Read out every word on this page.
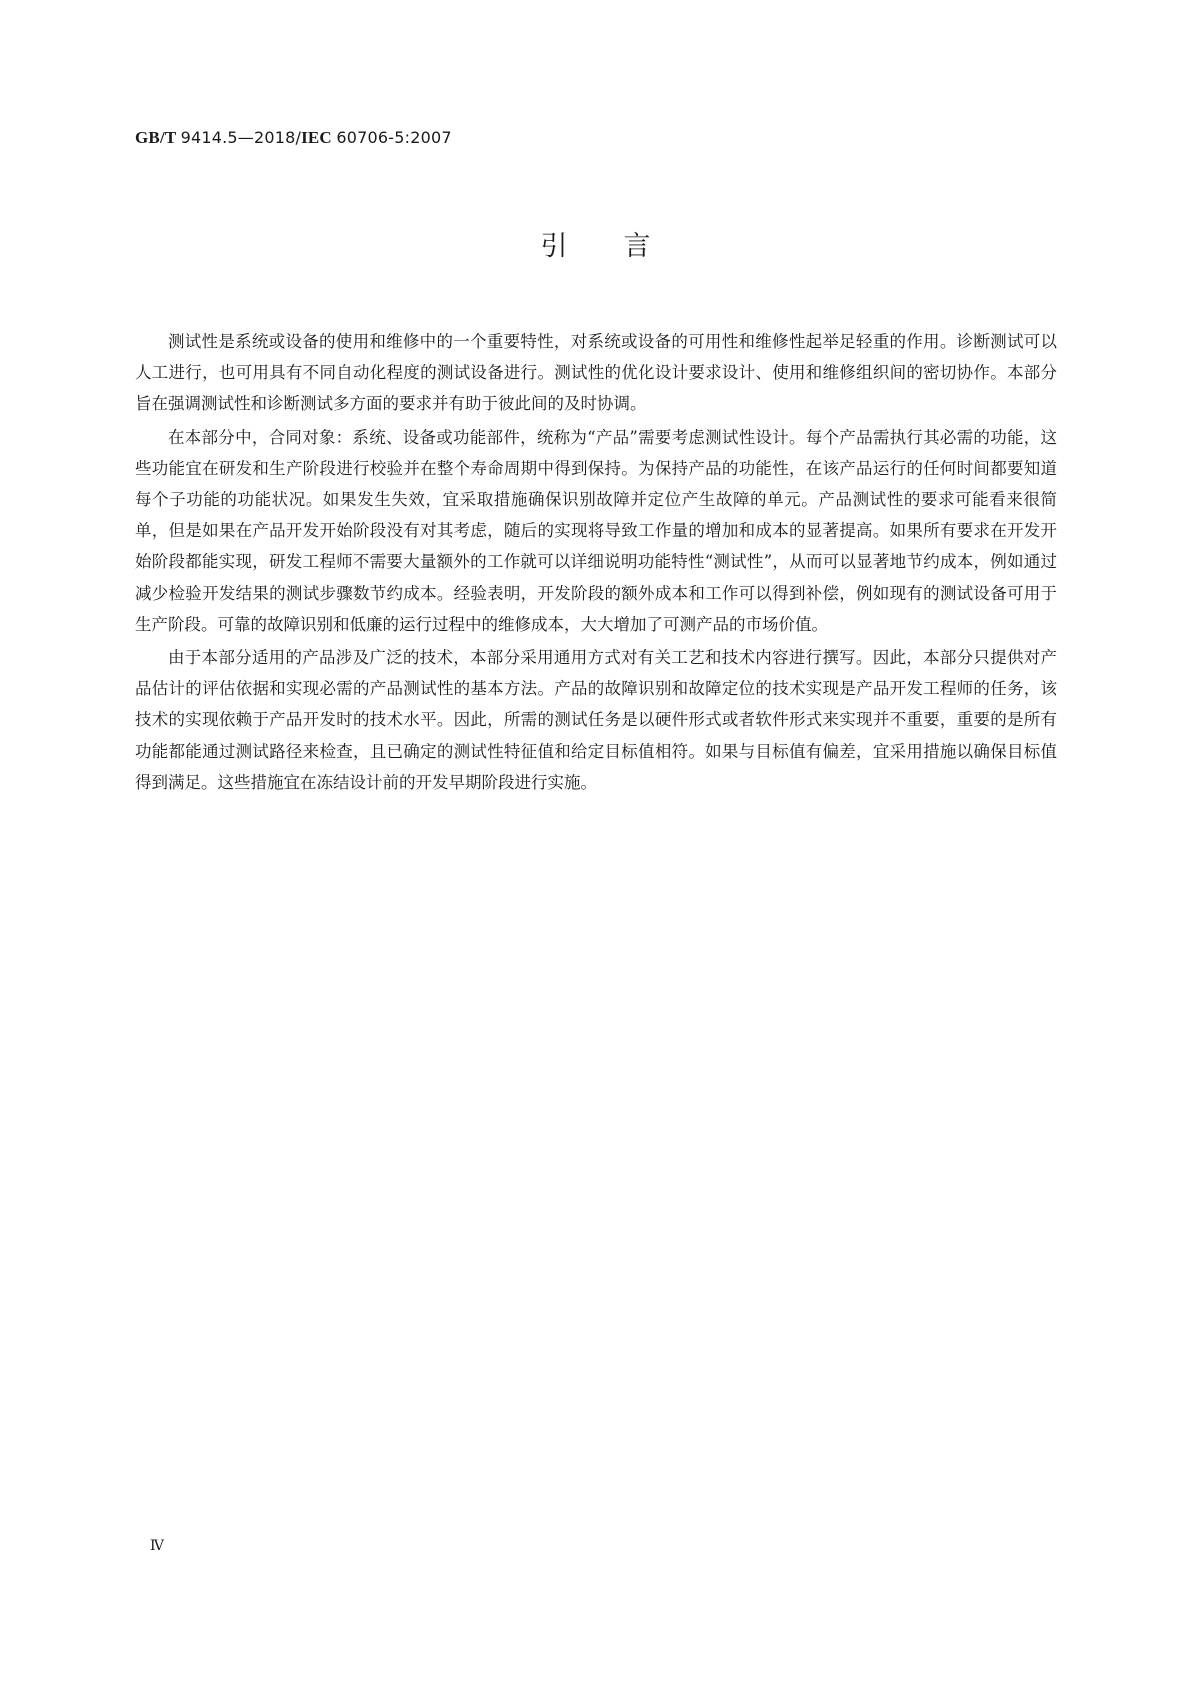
GB/T 9414.5—2018/IEC 60706-5:2007
引 言

测试性是系统或设备的使用和维修中的一个重要特性，对系统或设备的可用性和维修性起举足轻重的作用。诊断测试可以人工进行，也可用具有不同自动化程度的测试设备进行。测试性的优化设计要求设计、使用和维修组织间的密切协作。本部分旨在强调测试性和诊断测试多方面的要求并有助于彼此间的及时协调。

在本部分中，合同对象：系统、设备或功能部件，统称为“产品”需要考虑测试性设计。每个产品需执行其必需的功能，这些功能宜在研发和生产阶段进行校验并在整个寿命周期中得到保持。为保持产品的功能性，在该产品运行的任何时间都要知道每个子功能的功能状况。如果发生失效，宜采取措施确保识别故障并定位产生故障的单元。产品测试性的要求可能看来很简单，但是如果在产品开发开始阶段没有对其考虑，随后的实现将导致工作量的增加和成本的显著提高。如果所有要求在开发开始阶段都能实现，研发工程师不需要大量额外的工作就可以详细说明功能特性“测试性”，从而可以显著地节约成本，例如通过减少检验开发结果的测试步骤数节约成本。经验表明，开发阶段的额外成本和工作可以得到补偿，例如现有的测试设备可用于生产阶段。可靠的故障识别和低廉的运行过程中的维修成本，大大增加了可测产品的市场价值。

由于本部分适用的产品涉及广泛的技术，本部分采用通用方式对有关工艺和技术内容进行撰写。因此，本部分只提供对产品估计的评估依据和实现必需的产品测试性的基本方法。产品的故障识别和故障定位的技术实现是产品开发工程师的任务，该技术的实现依赖于产品开发时的技术水平。因此，所需的测试任务是以硬件形式或者软件形式来实现并不重要，重要的是所有功能都能通过测试路径来检查，且已确定的测试性特征值和给定目标值相符。如果与目标值有偏差，宜采用措施以确保目标值得到满足。这些措施宜在冻结设计前的开发早期阶段进行实施。

Ⅳ
